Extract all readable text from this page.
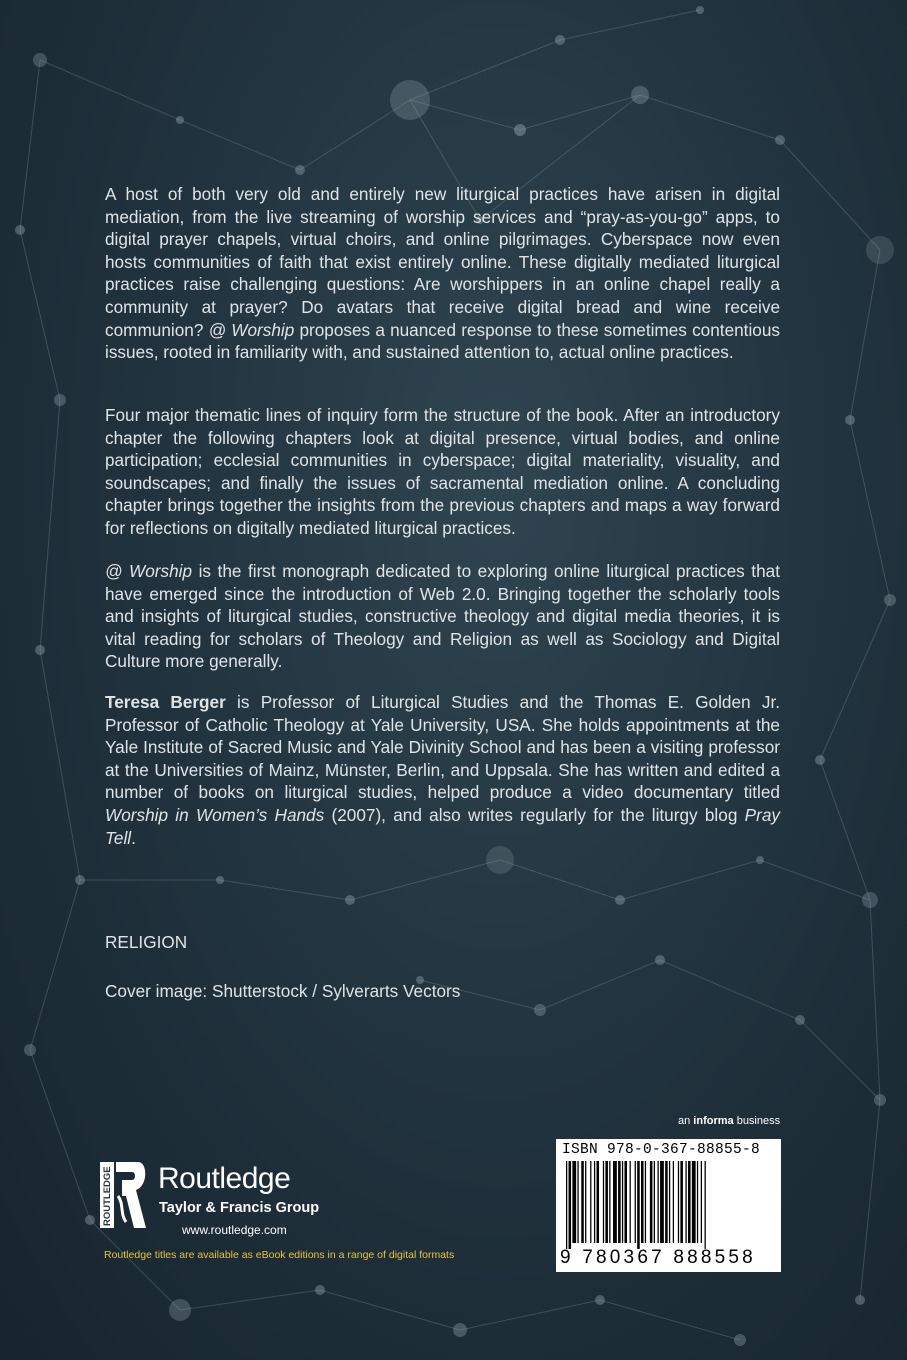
A host of both very old and entirely new liturgical practices have arisen in digital mediation, from the live streaming of worship services and “pray-as-you-go” apps, to digital prayer chapels, virtual choirs, and online pilgrimages. Cyberspace now even hosts communities of faith that exist entirely online. These digitally mediated liturgical practices raise challenging questions: Are worshippers in an online chapel really a community at prayer? Do avatars that receive digital bread and wine receive communion? @ Worship proposes a nuanced response to these sometimes contentious issues, rooted in familiarity with, and sustained attention to, actual online practices.

Four major thematic lines of inquiry form the structure of the book. After an introductory chapter the following chapters look at digital presence, virtual bodies, and online participation; ecclesial communities in cyberspace; digital materiality, visuality, and soundscapes; and finally the issues of sacramental mediation online. A concluding chapter brings together the insights from the previous chapters and maps a way forward for reflections on digitally mediated liturgical practices.

@ Worship is the first monograph dedicated to exploring online liturgical practices that have emerged since the introduction of Web 2.0. Bringing together the scholarly tools and insights of liturgical studies, constructive theology and digital media theories, it is vital reading for scholars of Theology and Religion as well as Sociology and Digital Culture more generally.

Teresa Berger is Professor of Liturgical Studies and the Thomas E. Golden Jr. Professor of Catholic Theology at Yale University, USA. She holds appointments at the Yale Institute of Sacred Music and Yale Divinity School and has been a visiting professor at the Universities of Mainz, Münster, Berlin, and Uppsala. She has written and edited a number of books on liturgical studies, helped produce a video documentary titled Worship in Women’s Hands (2007), and also writes regularly for the liturgy blog Pray Tell.

RELIGION

Cover image: Shutterstock / Sylverarts Vectors

an informa business
ISBN 978-0-367-88855-8
9 780367 888558
ROUTLEDGE Routledge
Taylor & Francis Group
www.routledge.com
Routledge titles are available as eBook editions in a range of digital formats
